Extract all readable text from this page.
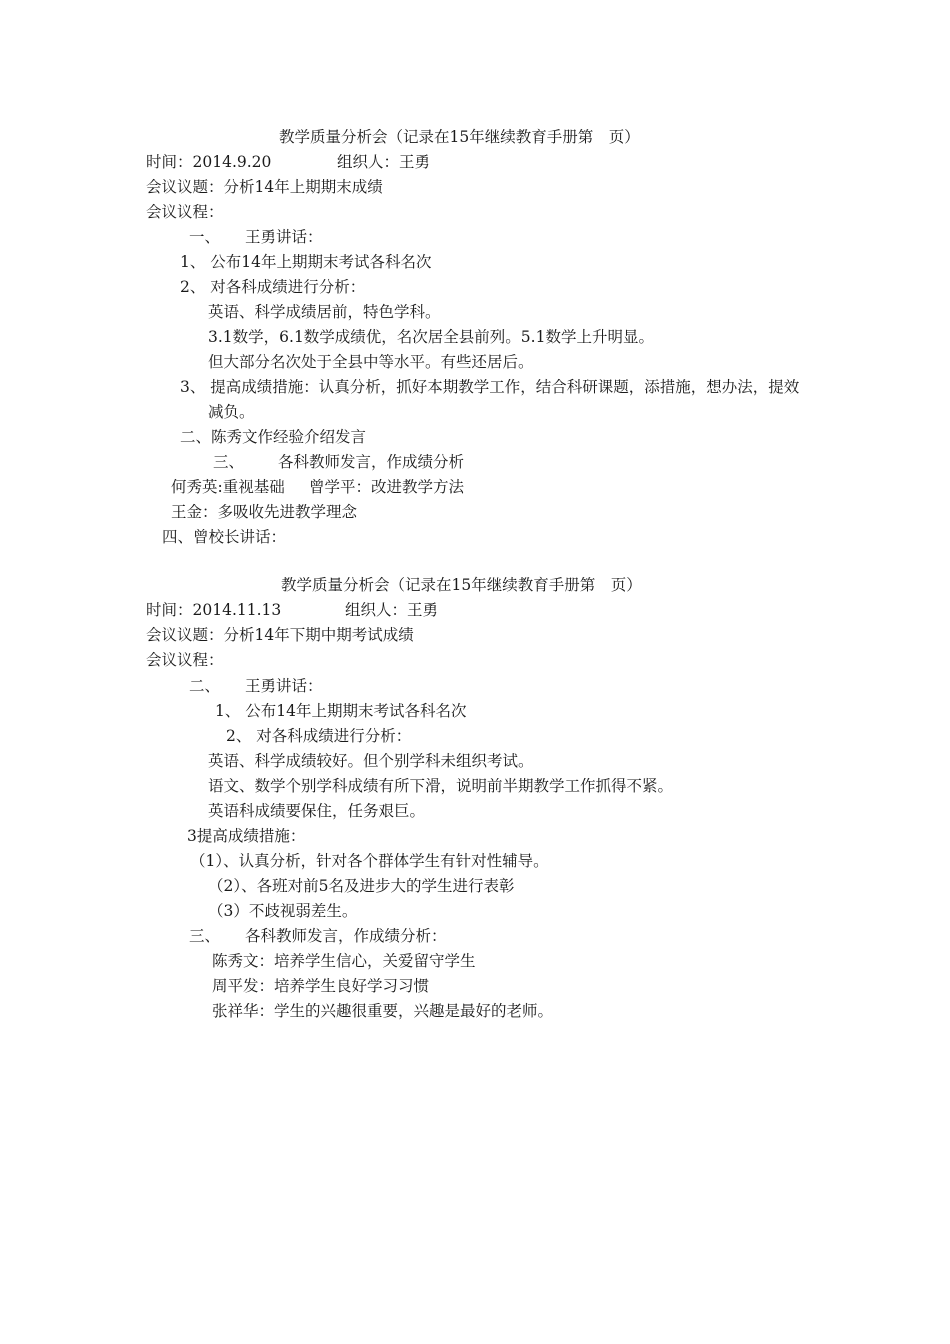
教学质量分析会（记录在15年继续教育手册第　页）
时间：2014.9.20	组织人：王勇
会议议题：分析14年上期期末成绩
会议议程：
一、 王勇讲话：
1、 公布14年上期期末考试各科名次
2、 对各科成绩进行分析：
英语、科学成绩居前，特色学科。
3.1数学，6.1数学成绩优，名次居全县前列。5.1数学上升明显。
但大部分名次处于全县中等水平。有些还居后。
3、 提高成绩措施：认真分析，抓好本期教学工作，结合科研课题，添措施，想办法，提效
减负。
二、陈秀文作经验介绍发言
三、 各科教师发言，作成绩分析
何秀英:重视基础 曾学平：改进教学方法
王金：多吸收先进教学理念
四、曾校长讲话：
教学质量分析会（记录在15年继续教育手册第　页）
时间：2014.11.13	组织人：王勇
会议议题：分析14年下期中期考试成绩
会议议程：
二、 王勇讲话：
1、 公布14年上期期末考试各科名次
2、 对各科成绩进行分析：
英语、科学成绩较好。但个别学科未组织考试。
语文、数学个别学科成绩有所下滑，说明前半期教学工作抓得不紧。
英语科成绩要保住，任务艰巨。
3提高成绩措施：
（1）、认真分析，针对各个群体学生有针对性辅导。
（2）、各班对前5名及进步大的学生进行表彰
（3）不歧视弱差生。
三、 各科教师发言，作成绩分析：
陈秀文：培养学生信心，关爱留守学生
周平发：培养学生良好学习习惯
张祥华：学生的兴趣很重要，兴趣是最好的老师。
